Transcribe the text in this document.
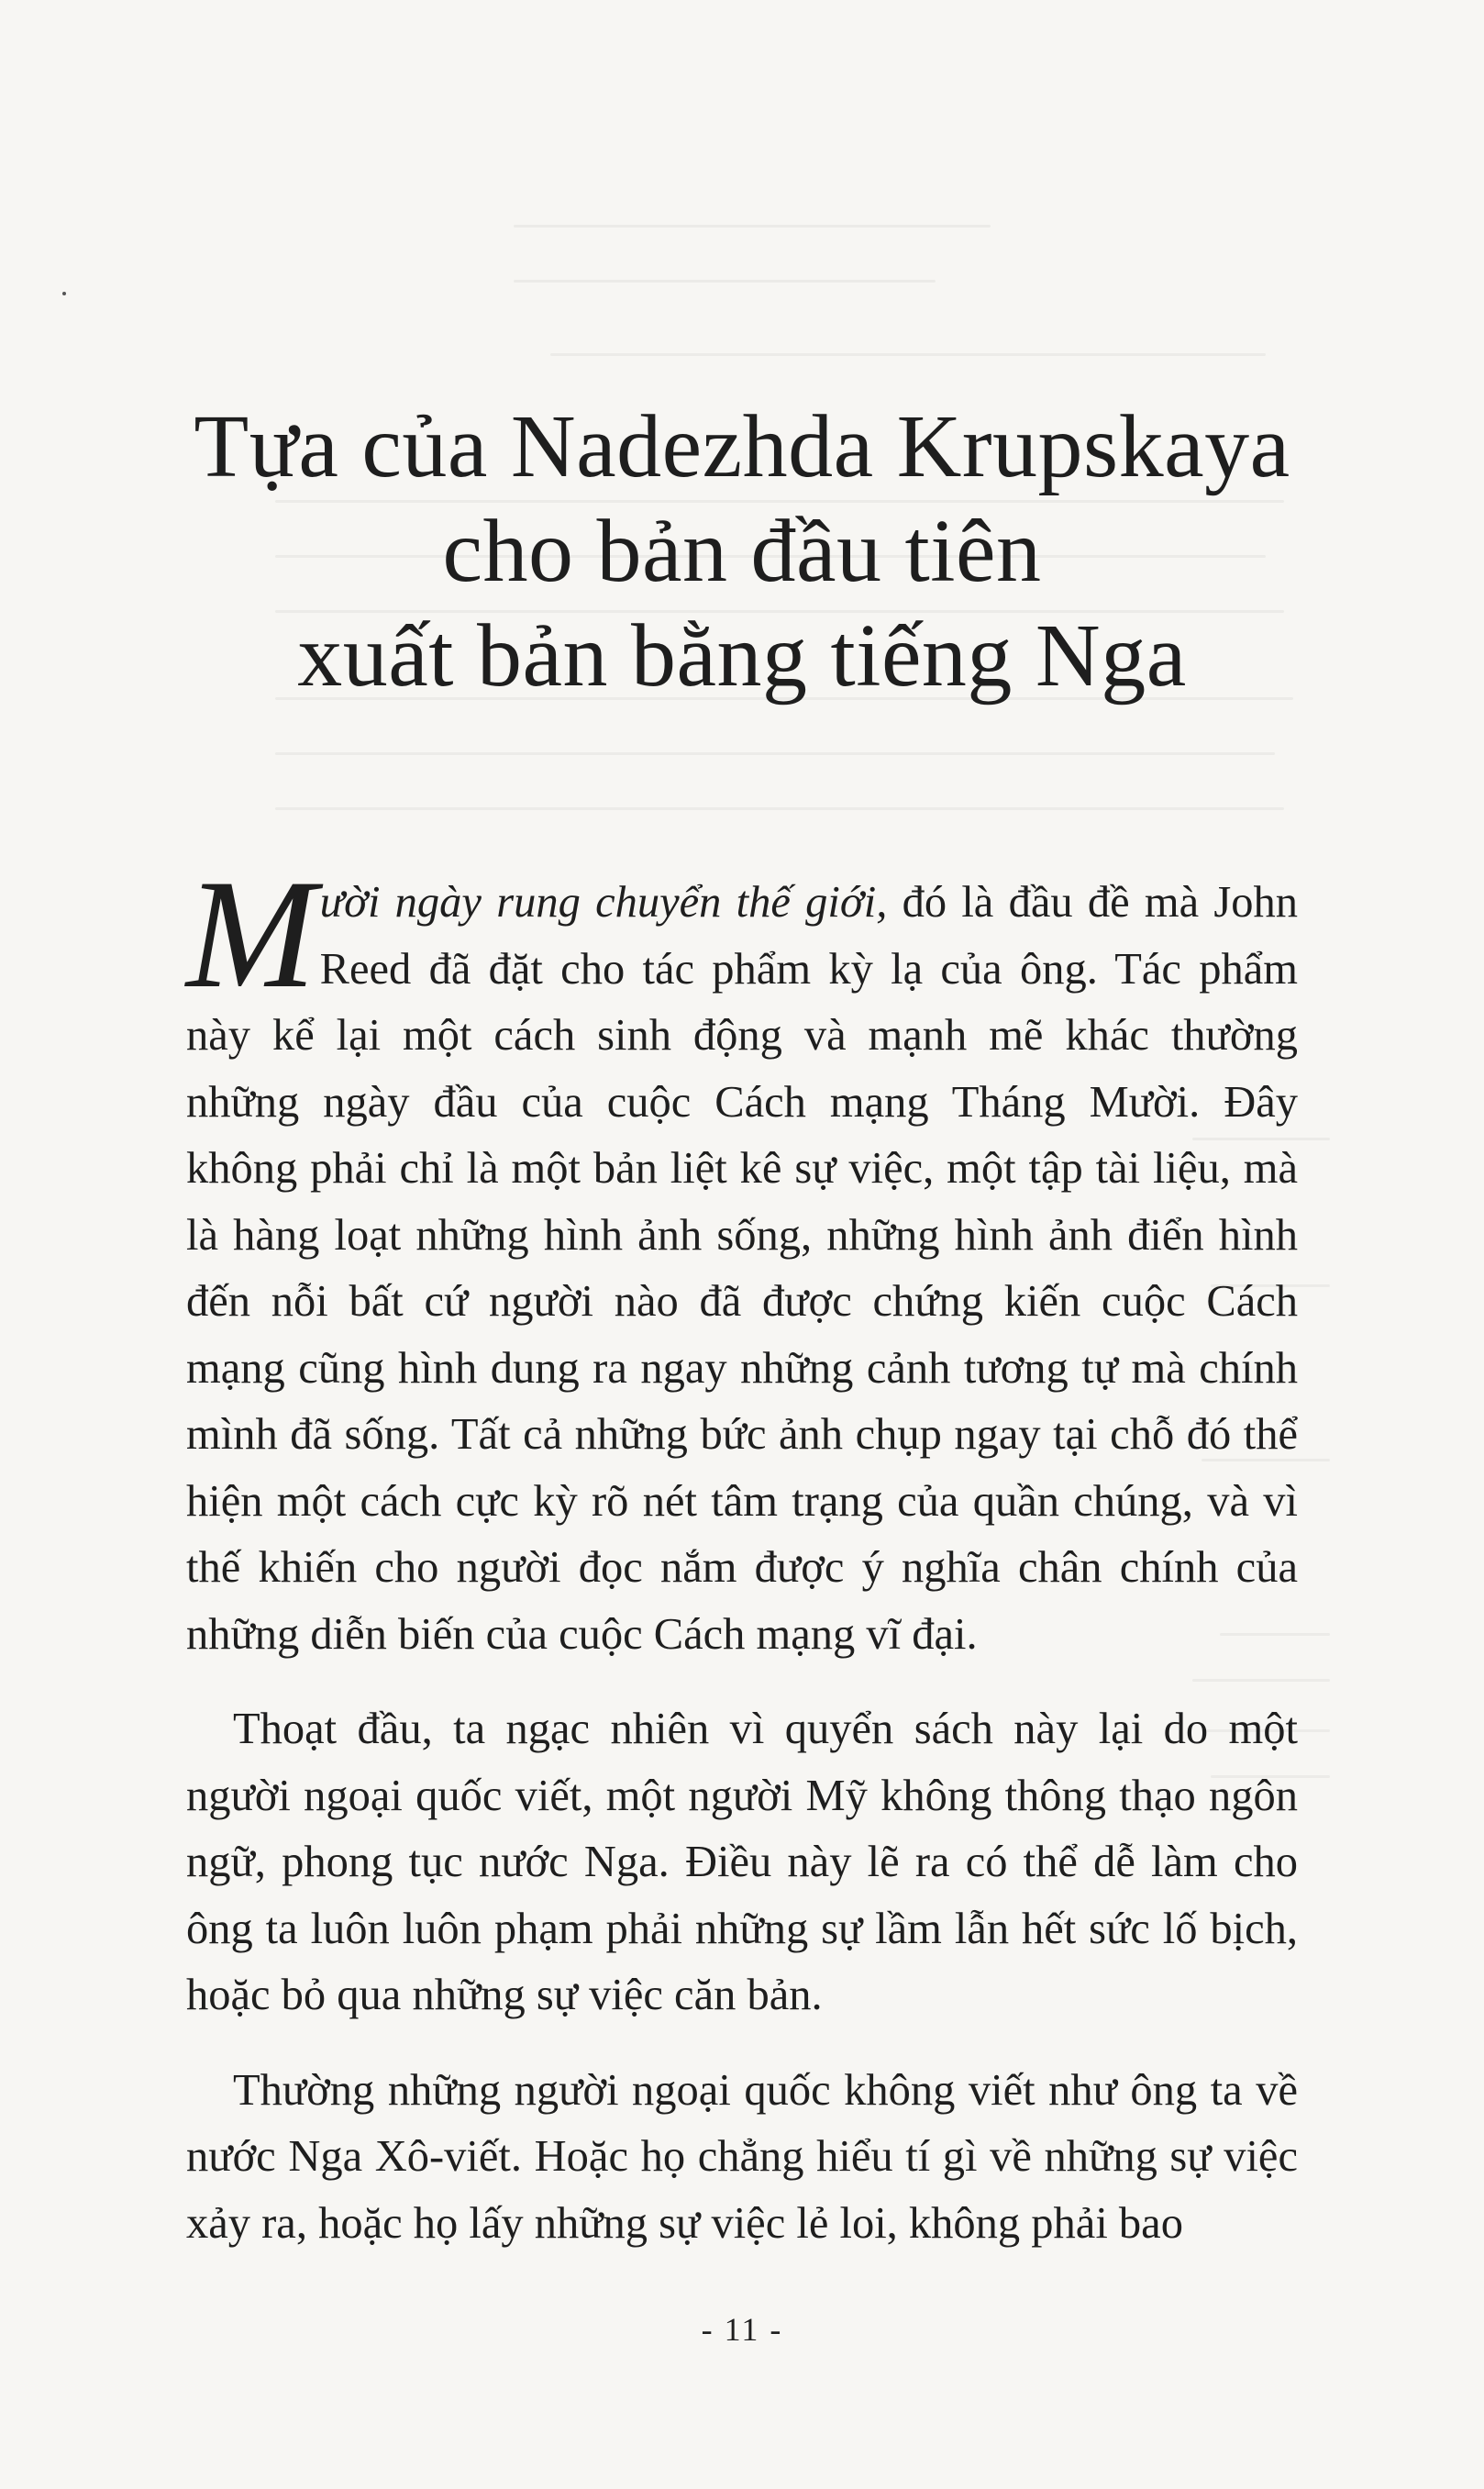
Tựa của Nadezhda Krupskaya
cho bản đầu tiên
xuất bản bằng tiếng Nga

Mười ngày rung chuyển thế giới, đó là đầu đề mà John Reed đã đặt cho tác phẩm kỳ lạ của ông. Tác phẩm này kể lại một cách sinh động và mạnh mẽ khác thường những ngày đầu của cuộc Cách mạng Tháng Mười. Đây không phải chỉ là một bản liệt kê sự việc, một tập tài liệu, mà là hàng loạt những hình ảnh sống, những hình ảnh điển hình đến nỗi bất cứ người nào đã được chứng kiến cuộc Cách mạng cũng hình dung ra ngay những cảnh tương tự mà chính mình đã sống. Tất cả những bức ảnh chụp ngay tại chỗ đó thể hiện một cách cực kỳ rõ nét tâm trạng của quần chúng, và vì thế khiến cho người đọc nắm được ý nghĩa chân chính của những diễn biến của cuộc Cách mạng vĩ đại.

Thoạt đầu, ta ngạc nhiên vì quyển sách này lại do một người ngoại quốc viết, một người Mỹ không thông thạo ngôn ngữ, phong tục nước Nga. Điều này lẽ ra có thể dễ làm cho ông ta luôn luôn phạm phải những sự lầm lẫn hết sức lố bịch, hoặc bỏ qua những sự việc căn bản.

Thường những người ngoại quốc không viết như ông ta về nước Nga Xô-viết. Hoặc họ chẳng hiểu tí gì về những sự việc xảy ra, hoặc họ lấy những sự việc lẻ loi, không phải bao

- 11 -
